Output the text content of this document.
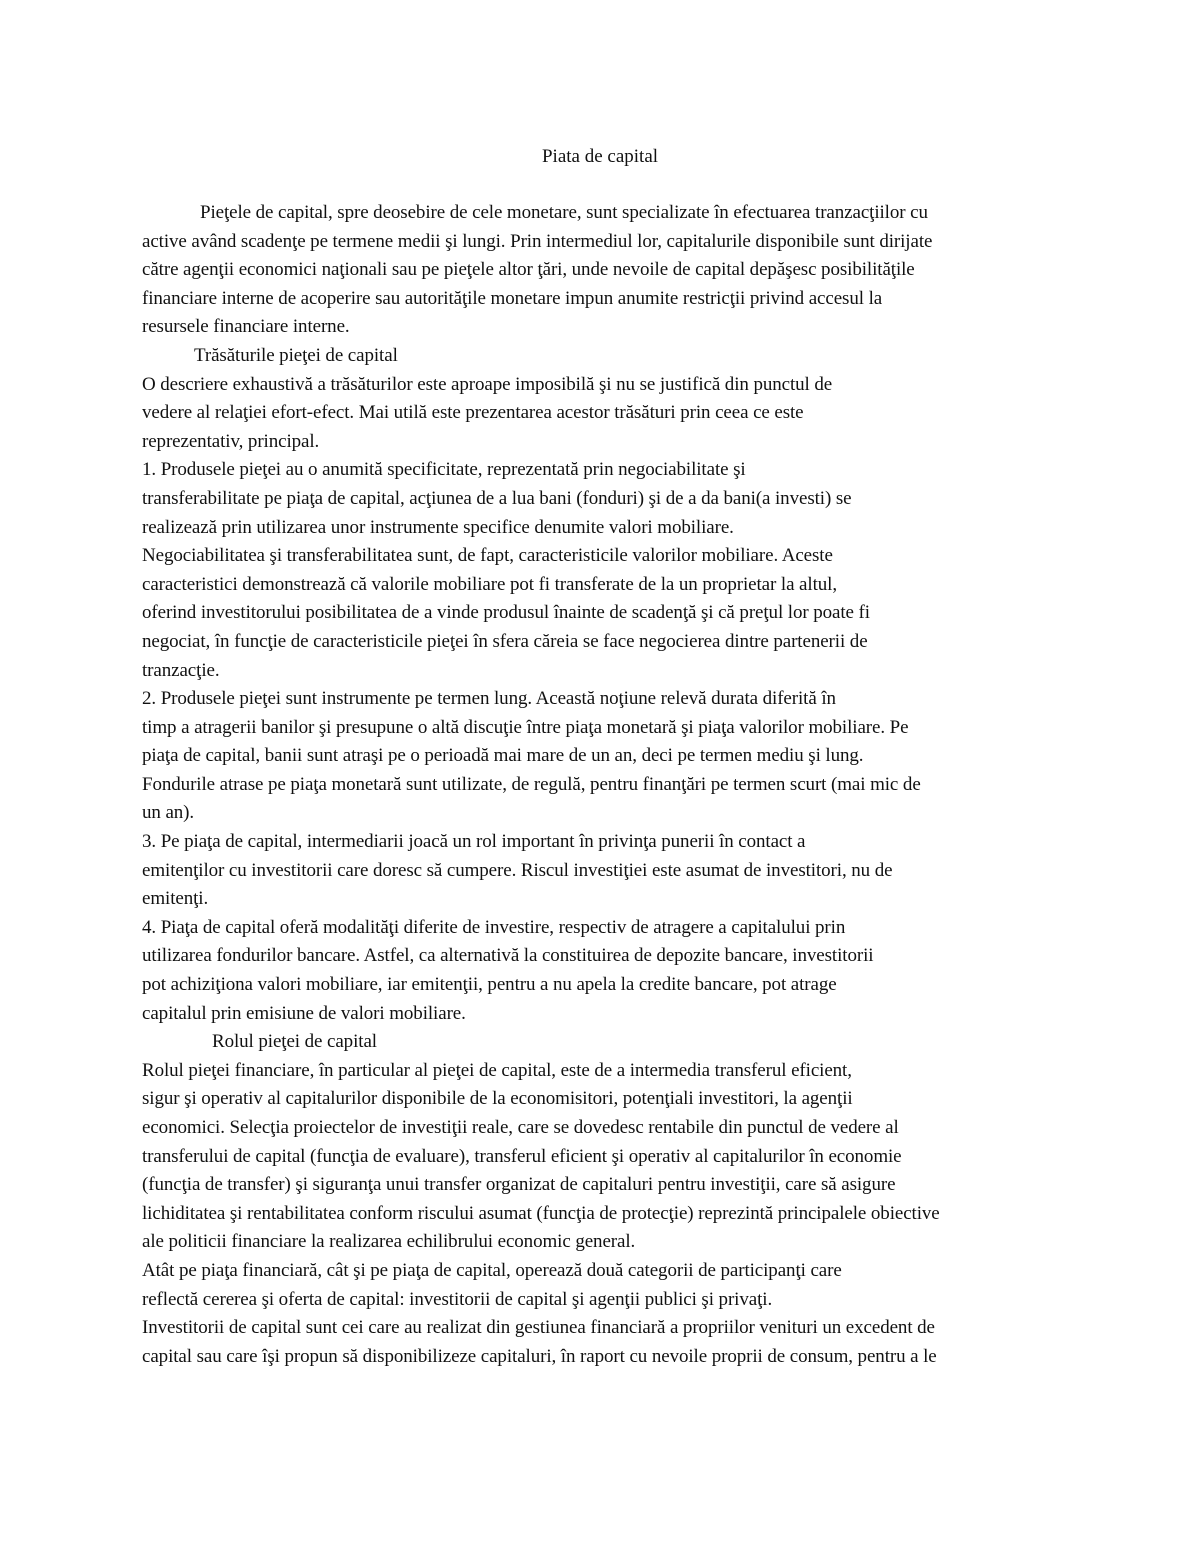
Piata de capital
Pieţele de capital, spre deosebire de cele monetare, sunt specializate în efectuarea tranzacţiilor cu
active având scadenţe pe termene medii şi lungi. Prin intermediul lor, capitalurile disponibile sunt dirijate
către agenţii economici naţionali sau pe pieţele altor ţări, unde nevoile de capital depăşesc posibilităţile
financiare interne de acoperire sau autorităţile monetare impun anumite restricţii privind accesul la
resursele financiare interne.
Trăsăturile pieţei de capital
O descriere exhaustivă a trăsăturilor este aproape imposibilă şi nu se justifică din punctul de
vedere al relaţiei efort-efect. Mai utilă este prezentarea acestor trăsături prin ceea ce este
reprezentativ, principal.
1. Produsele pieţei au o anumită specificitate, reprezentată prin negociabilitate şi
transferabilitate pe piaţa de capital, acţiunea de a lua bani (fonduri) şi de a da bani(a investi) se
realizează prin utilizarea unor instrumente specifice denumite valori mobiliare.
Negociabilitatea şi transferabilitatea sunt, de fapt, caracteristicile valorilor mobiliare. Aceste
caracteristici demonstrează că valorile mobiliare pot fi transferate de la un proprietar la altul,
oferind investitorului posibilitatea de a vinde produsul înainte de scadenţă şi că preţul lor poate fi
negociat, în funcţie de caracteristicile pieţei în sfera căreia se face negocierea dintre partenerii de
tranzacţie.
2. Produsele pieţei sunt instrumente pe termen lung. Această noţiune relevă durata diferită în
timp a atragerii banilor şi presupune o altă discuţie între piaţa monetară şi piaţa valorilor mobiliare. Pe
piaţa de capital, banii sunt atraşi pe o perioadă mai mare de un an, deci pe termen mediu şi lung.
Fondurile atrase pe piaţa monetară sunt utilizate, de regulă, pentru finanţări pe termen scurt (mai mic de
un an).
3. Pe piaţa de capital, intermediarii joacă un rol important în privinţa punerii în contact a
emitenţilor cu investitorii care doresc să cumpere. Riscul investiţiei este asumat de investitori, nu de
emitenţi.
4. Piaţa de capital oferă modalităţi diferite de investire, respectiv de atragere a capitalului prin
utilizarea fondurilor bancare. Astfel, ca alternativă la constituirea de depozite bancare, investitorii
pot achiziţiona valori mobiliare, iar emitenţii, pentru a nu apela la credite bancare, pot atrage
capitalul prin emisiune de valori mobiliare.
Rolul pieţei de capital
Rolul pieţei financiare, în particular al pieţei de capital, este de a intermedia transferul eficient,
sigur şi operativ al capitalurilor disponibile de la economisitori, potenţiali investitori, la agenţii
economici. Selecţia proiectelor de investiţii reale, care se dovedesc rentabile din punctul de vedere al
transferului de capital (funcţia de evaluare), transferul eficient şi operativ al capitalurilor în economie
(funcţia de transfer) şi siguranţa unui transfer organizat de capitaluri pentru investiţii, care să asigure
lichiditatea şi rentabilitatea conform riscului asumat (funcţia de protecţie) reprezintă principalele obiective
ale politicii financiare la realizarea echilibrului economic general.
Atât pe piaţa financiară, cât şi pe piaţa de capital, operează două categorii de participanţi care
reflectă cererea şi oferta de capital: investitorii de capital şi agenţii publici şi privaţi.
Investitorii de capital sunt cei care au realizat din gestiunea financiară a propriilor venituri un excedent de
capital sau care îşi propun să disponibilizeze capitaluri, în raport cu nevoile proprii de consum, pentru a le
